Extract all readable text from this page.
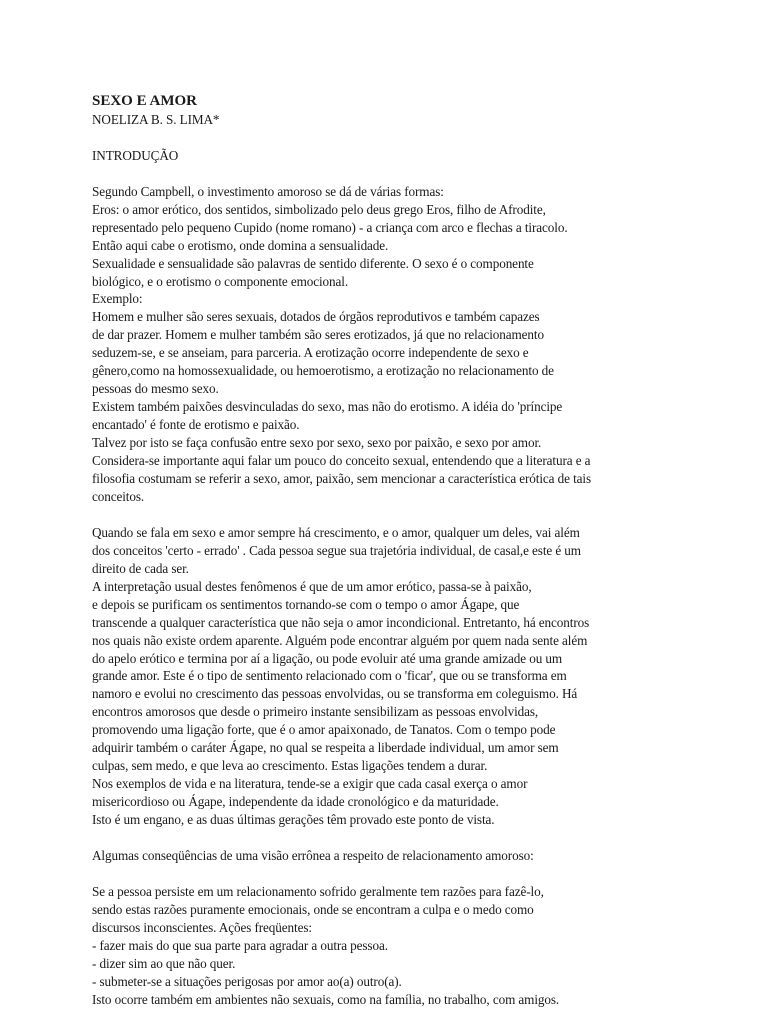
SEXO E AMOR
NOELIZA B. S. LIMA*
INTRODUÇÃO
Segundo Campbell, o investimento amoroso se dá de várias formas:
Eros: o amor erótico, dos sentidos, simbolizado pelo deus grego Eros, filho de Afrodite,
representado pelo pequeno Cupido (nome romano) - a criança com arco e flechas a tiracolo.
Então aqui cabe o erotismo, onde domina a sensualidade.
Sexualidade e sensualidade são palavras de sentido diferente. O sexo é o componente
biológico, e o erotismo o componente emocional.
Exemplo:
Homem e mulher são seres sexuais, dotados de órgãos reprodutivos e também capazes
de dar prazer. Homem e mulher também são seres erotizados, já que no relacionamento
seduzem-se, e se anseiam, para parceria. A erotização ocorre independente de sexo e
gênero,como na homossexualidade, ou hemoerotismo, a erotização no relacionamento de
pessoas do mesmo sexo.
Existem também paixões desvinculadas do sexo, mas não do erotismo. A idéia do 'príncipe
encantado' é fonte de erotismo e paixão.
Talvez por isto se faça confusão entre sexo por sexo, sexo por paixão, e sexo por amor.
Considera-se importante aqui falar um pouco do conceito sexual, entendendo que a literatura e a
filosofia costumam se referir a sexo, amor, paixão, sem mencionar a característica erótica de tais
conceitos.
Quando se fala em sexo e amor sempre há crescimento, e o amor, qualquer um deles, vai além
dos conceitos 'certo - errado' . Cada pessoa segue sua trajetória individual, de casal,e este é um
direito de cada ser.
A interpretação usual destes fenômenos é que de um amor erótico, passa-se à paixão,
e depois se purificam os sentimentos tornando-se com o tempo o amor Ágape, que
transcende a qualquer característica que não seja o amor incondicional. Entretanto, há encontros
nos quais não existe ordem aparente. Alguém pode encontrar alguém por quem nada sente além
do apelo erótico e termina por aí a ligação, ou pode evoluir até uma grande amizade ou um
grande amor. Este é o tipo de sentimento relacionado com o 'ficar', que ou se transforma em
namoro e evolui no crescimento das pessoas envolvidas, ou se transforma em coleguismo. Há
encontros amorosos que desde o primeiro instante sensibilizam as pessoas envolvidas,
promovendo uma ligação forte, que é o amor apaixonado, de Tanatos. Com o tempo pode
adquirir também o caráter Ágape, no qual se respeita a liberdade individual, um amor sem
culpas, sem medo, e que leva ao crescimento. Estas ligações tendem a durar.
Nos exemplos de vida e na literatura, tende-se a exigir que cada casal exerça o amor
misericordioso ou Ágape, independente da idade cronológico e da maturidade.
Isto é um engano, e as duas últimas gerações têm provado este ponto de vista.
Algumas conseqüências de uma visão errônea a respeito de relacionamento amoroso:
Se a pessoa persiste em um relacionamento sofrido geralmente tem razões para fazê-lo,
sendo estas razões puramente emocionais, onde se encontram a culpa e o medo como
discursos inconscientes. Ações freqüentes:
- fazer mais do que sua parte para agradar a outra pessoa.
- dizer sim ao que não quer.
- submeter-se a situações perigosas por amor ao(a) outro(a).
Isto ocorre também em ambientes não sexuais, como na família, no trabalho, com amigos.
